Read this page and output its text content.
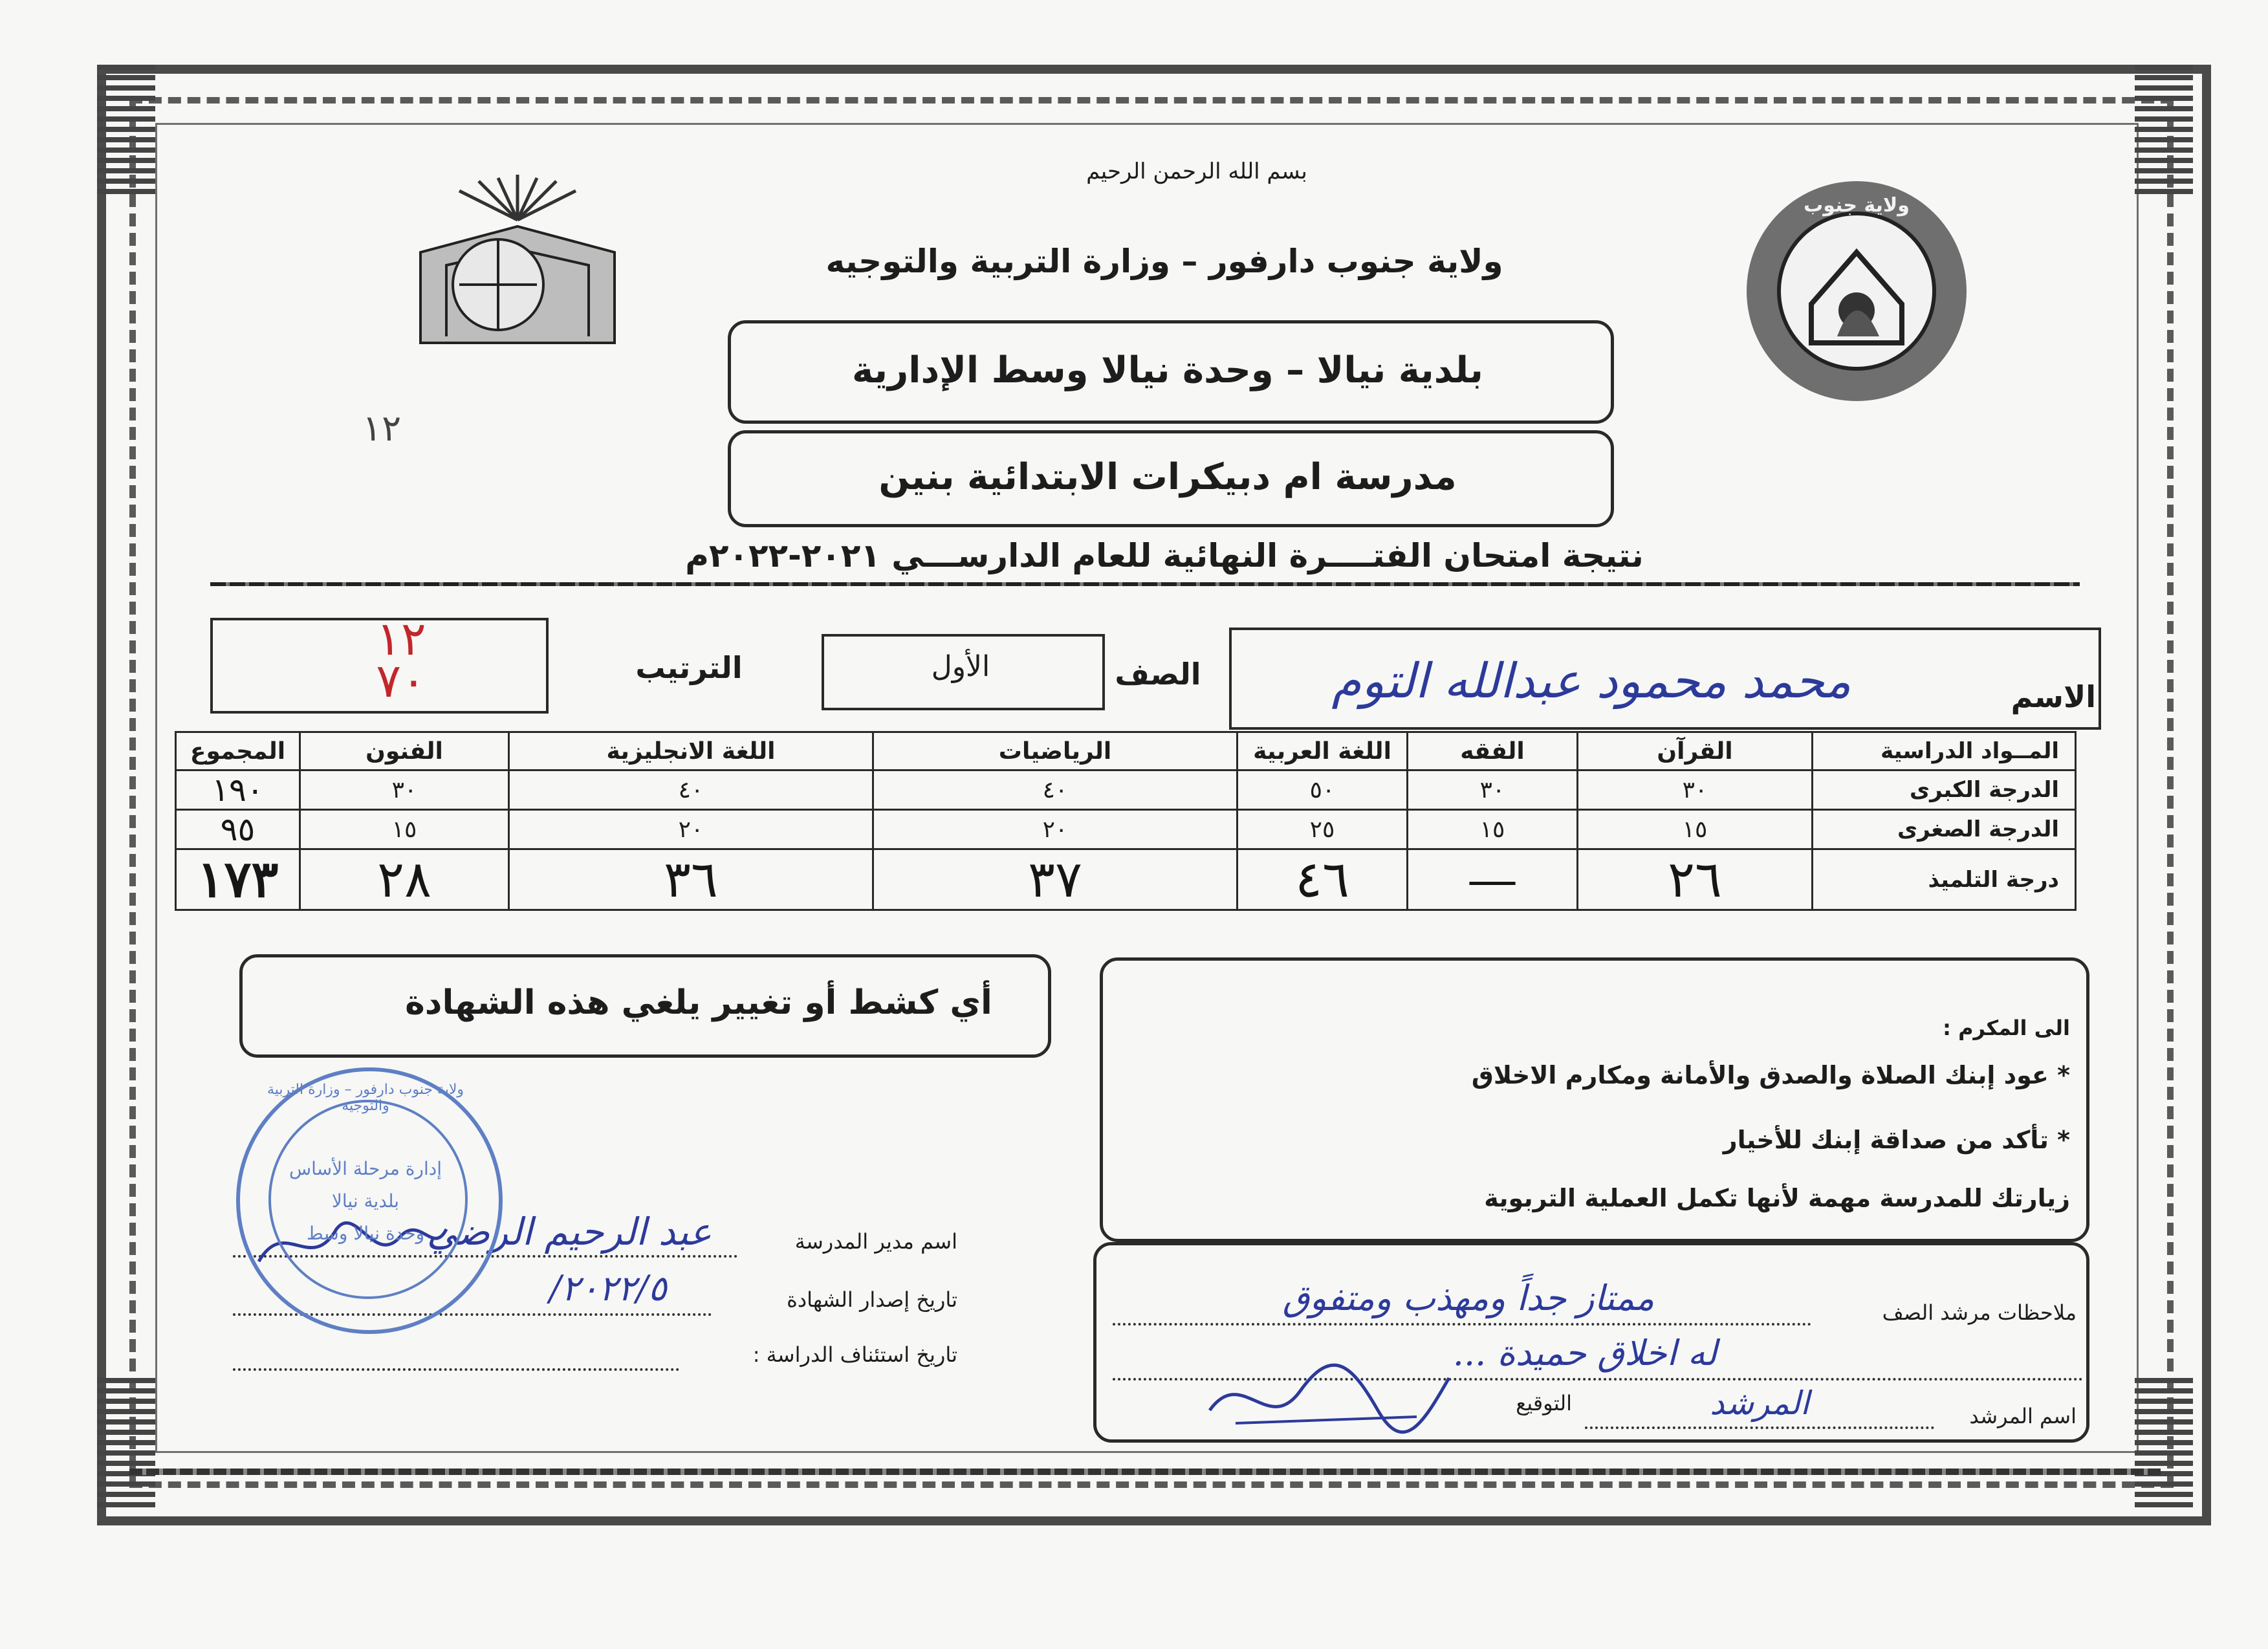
بسم الله الرحمن الرحيم
ولاية جنوب دارفور
١٢
ولاية جنوب دارفور – وزارة التربية والتوجيه
بلدية نيالا – وحدة نيالا وسط الإدارية
مدرسة ام دبيكرات الابتدائية بنين
نتيجة امتحان الفتــــرة النهائية للعام الدارســـي ٢٠٢١-٢٠٢٢م
الاسم
محمد محمود عبدالله التوم
الصف
الأول
الترتيب
١٢
٧٠
المــواد الدراسية	القرآن	الفقه	اللغة العربية	الرياضيات	اللغة الانجليزية	الفنون	المجموع
الدرجة الكبرى	٣٠	٣٠	٥٠	٤٠	٤٠	٣٠	١٩٠
الدرجة الصغرى	١٥	١٥	٢٥	٢٠	٢٠	١٥	٩٥
درجة التلميذ	٢٦	—	٤٦	٣٧	٣٦	٢٨	١٧٣
أي كشط أو تغيير يلغي هذه الشهادة
الى المكرم :
* عود إبنك الصلاة والصدق والأمانة ومكارم الاخلاق
* تأكد من صداقة إبنك للأخيار
زيارتك للمدرسة مهمة لأنها تكمل العملية التربوية
ملاحظات مرشد الصف
ممتاز جداً ومهذب ومتفوق
له اخلاق حميدة ...
اسم المرشد
المرشد
التوقيع
اسم مدير المدرسة
عبد الرحيم الرضي
تاريخ إصدار الشهادة
٢٠٢٢/٥/
تاريخ استئناف الدراسة :
ولاية جنوب دارفور – وزارة التربية والتوجيه
إدارة مرحلة الأساس
بلدية نيالا
وحدة نيالا وسط
